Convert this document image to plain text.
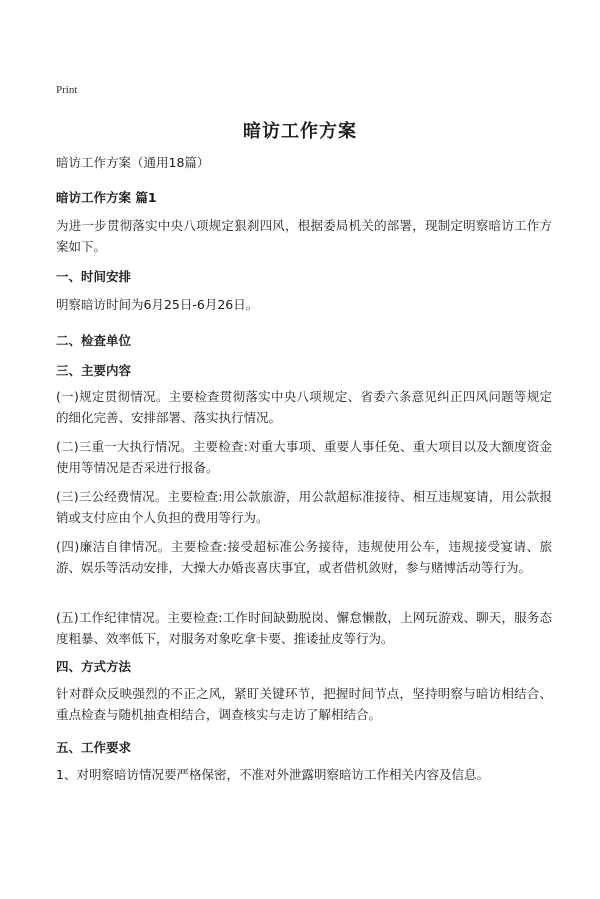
Print
暗访工作方案
暗访工作方案（通用18篇）
暗访工作方案 篇1
为进一步贯彻落实中央八项规定狠刹四风，根据委局机关的部署，现制定明察暗访工作方案如下。
一、时间安排
明察暗访时间为6月25日-6月26日。
二、检查单位
三、主要内容
(一)规定贯彻情况。主要检查贯彻落实中央八项规定、省委六条意见纠正四风问题等规定的细化完善、安排部署、落实执行情况。
(二)三重一大执行情况。主要检查:对重大事项、重要人事任免、重大项目以及大额度资金使用等情况是否采进行报备。
(三)三公经费情况。主要检查:用公款旅游，用公款超标准接待、相互违规宴请，用公款报销或支付应由个人负担的费用等行为。
(四)廉洁自律情况。主要检查:接受超标准公务接待，违规使用公车，违规接受宴请、旅游、娱乐等活动安排，大操大办婚丧喜庆事宜，或者借机敛财，参与赌博活动等行为。
(五)工作纪律情况。主要检查:工作时间缺勤脱岗、懈怠懒散，上网玩游戏、聊天，服务态度粗暴、效率低下，对服务对象吃拿卡要、推诿扯皮等行为。
四、方式方法
针对群众反映强烈的不正之风，紧盯关键环节，把握时间节点，坚持明察与暗访相结合、重点检查与随机抽查相结合，调查核实与走访了解相结合。
五、工作要求
1、对明察暗访情况要严格保密，不准对外泄露明察暗访工作相关内容及信息。
